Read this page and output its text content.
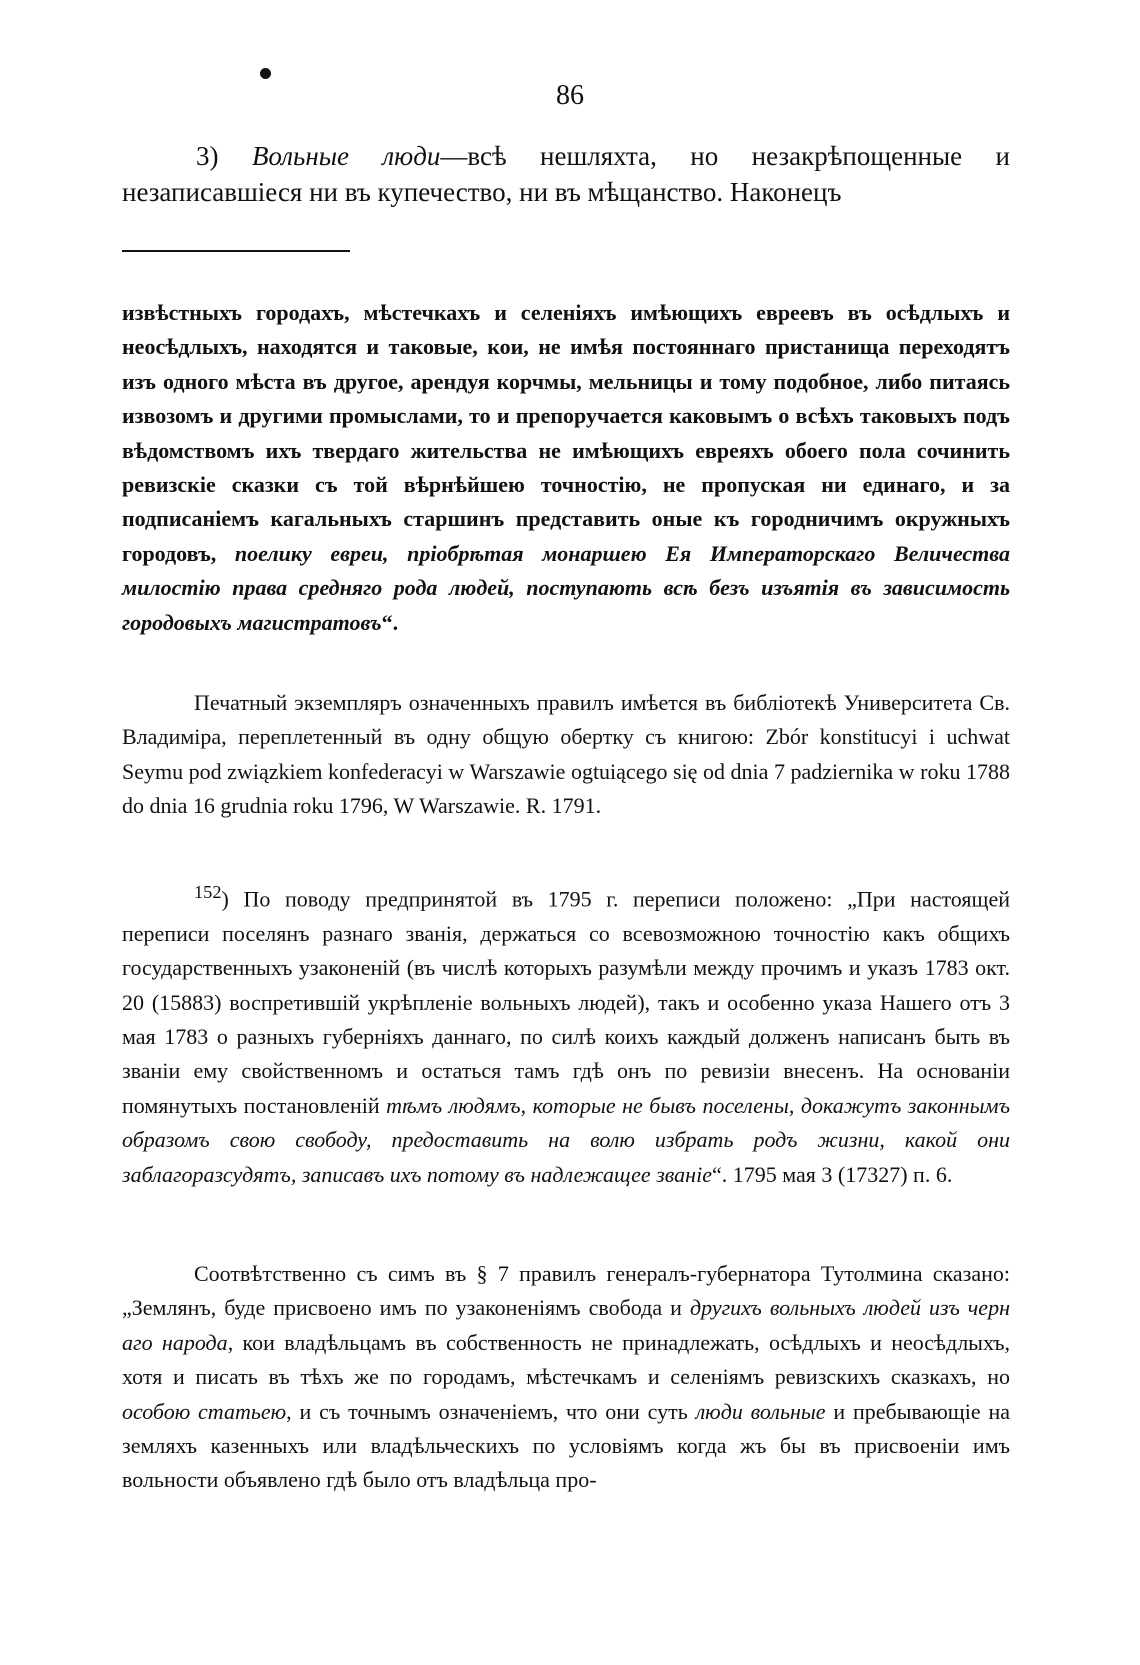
86

3) Вольные люди—всѣ нешляхта, но незакрѣпощенные и незаписавшіеся ни въ купечество, ни въ мѣщанство. Наконецъ

извѣстныхъ городахъ, мѣстечкахъ и селеніяхъ имѣющихъ евреевъ въ осѣдлыхъ и неосѣдлыхъ, находятся и таковые, кои, не имѣя постояннаго пристанища переходятъ изъ одного мѣста въ другое, арендуя корчмы, мельницы и тому подобное, либо питаясь извозомъ и другими промыслами, то и препоручается каковымъ о всѣхъ таковыхъ подъ вѣдомствомъ ихъ твердаго жительства не имѣющихъ евреяхъ обоего пола сочинить ревизскіе сказки съ той вѣрнѣйшею точностію, не пропуская ни единаго, и за подписаніемъ кагальныхъ старшинъ представить оные къ городничимъ окружныхъ городовъ, поелику евреи, пріобрѣтая монаршею Ея Императорскаго Величества милостію права средняго рода людей, поступають всѣ безъ изъятія въ зависимость городовыхъ магистратовъ“.

Печатный экземпляръ означенныхъ правилъ имѣется въ библіотекѣ Университета Св. Владиміра, переплетенный въ одну общую обертку съ книгою: Zbór konstitucyi i uchwat Seymu pod związkiem konfederacyi w Warszawie ogtuiącego się od dnia 7 padziernika w roku 1788 do dnia 16 grudnia roku 1796, W Warszawie. R. 1791.

$^{152}$) По поводу предпринятой въ 1795 г. переписи положено: „При настоящей переписи поселянъ разнаго званія, держаться со всевозможною точностію какъ общихъ государственныхъ узаконеній (въ числѣ которыхъ разумѣли между прочимъ и указъ 1783 окт. 20 (15883) воспретившій укрѣпленіе вольныхъ людей), такъ и особенно указа Нашего отъ 3 мая 1783 о разныхъ губерніяхъ даннаго, по силѣ коихъ каждый долженъ написанъ быть въ званіи ему свойственномъ и остаться тамъ гдѣ онъ по ревизіи внесенъ. На основаніи помянутыхъ постановленій тѣмъ людямъ, которые не бывъ поселены, докажутъ законнымъ образомъ свою свободу, предоставить на волю избрать родъ жизни, какой они заблагоразсудятъ, записавъ ихъ потому въ надлежащее званіе“. 1795 мая 3 (17327) п. 6.

Соотвѣтственно съ симъ въ § 7 правилъ генералъ-губернатора Тутолмина сказано: „Землянъ, буде присвоено имъ по узаконеніямъ свобода и другихъ вольныхъ людей изъ черн аго народа, кои владѣльцамъ въ собственность не принадлежать, осѣдлыхъ и неосѣдлыхъ, хотя и писать въ тѣхъ же по городамъ, мѣстечкамъ и селеніямъ ревизскихъ сказкахъ, но особою статьею, и съ точнымъ означеніемъ, что они суть люди вольные и пребывающіе на земляхъ казенныхъ или владѣльческихъ по условіямъ когда жъ бы въ присвоеніи имъ вольности объявлено гдѣ было отъ владѣльца про-
